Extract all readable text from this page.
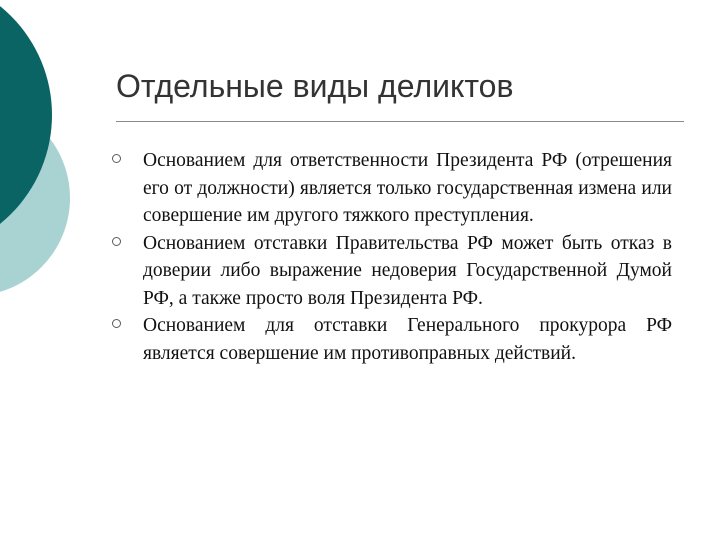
Отдельные виды деликтов

Основанием для ответственности Президента РФ (отрешения его от должности) является только государственная измена или совершение им другого тяжкого преступления.

Основанием отставки Правительства РФ может быть отказ в доверии либо выражение недоверия Государственной Думой РФ, а также просто воля Президента РФ.

Основанием для отставки Генерального прокурора РФ является совершение им противоправных действий.
